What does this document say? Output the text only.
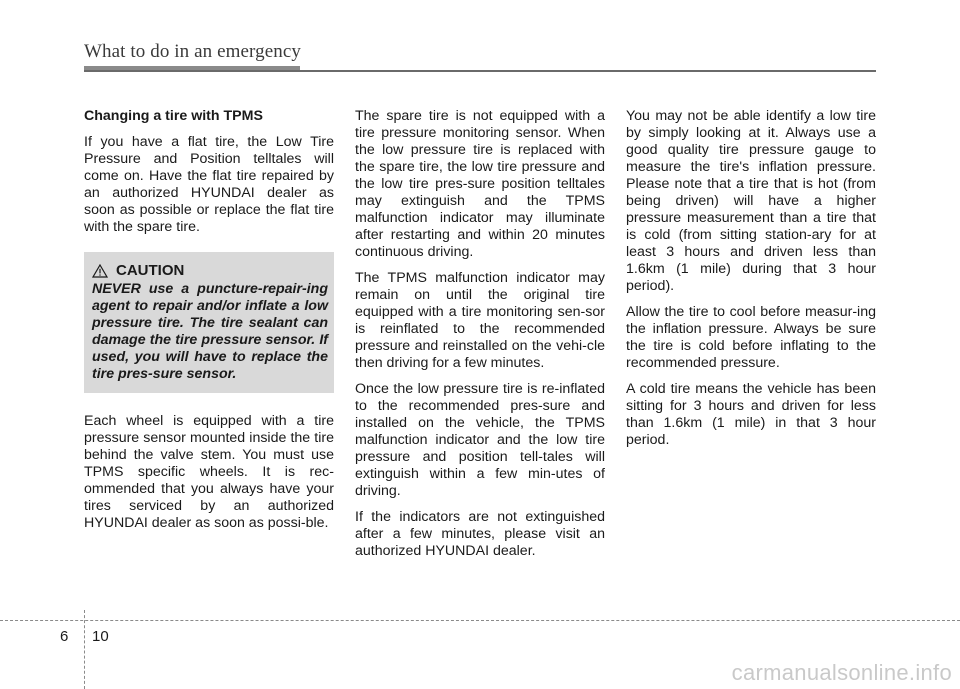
What to do in an emergency

Changing a tire with TPMS

If you have a flat tire, the Low Tire Pressure and Position telltales will come on. Have the flat tire repaired by an authorized HYUNDAI dealer as soon as possible or replace the flat tire with the spare tire.

CAUTION
NEVER use a puncture-repair-ing agent to repair and/or inflate a low pressure tire. The tire sealant can damage the tire pressure sensor. If used, you will have to replace the tire pres-sure sensor.

Each wheel is equipped with a tire pressure sensor mounted inside the tire behind the valve stem. You must use TPMS specific wheels. It is rec-ommended that you always have your tires serviced by an authorized HYUNDAI dealer as soon as possi-ble.

The spare tire is not equipped with a tire pressure monitoring sensor. When the low pressure tire is replaced with the spare tire, the low tire pressure and the low tire pres-sure position telltales may extinguish and the TPMS malfunction indicator may illuminate after restarting and within 20 minutes continuous driving.

The TPMS malfunction indicator may remain on until the original tire equipped with a tire monitoring sen-sor is reinflated to the recommended pressure and reinstalled on the vehi-cle then driving for a few minutes.

Once the low pressure tire is re-inflated to the recommended pres-sure and installed on the vehicle, the TPMS malfunction indicator and the low tire pressure and position tell-tales will extinguish within a few min-utes of driving.

If the indicators are not extinguished after a few minutes, please visit an authorized HYUNDAI dealer.

You may not be able identify a low tire by simply looking at it. Always use a good quality tire pressure gauge to measure the tire's inflation pressure. Please note that a tire that is hot (from being driven) will have a higher pressure measurement than a tire that is cold (from sitting station-ary for at least 3 hours and driven less than 1.6km (1 mile) during that 3 hour period).

Allow the tire to cool before measur-ing the inflation pressure. Always be sure the tire is cold before inflating to the recommended pressure.

A cold tire means the vehicle has been sitting for 3 hours and driven for less than 1.6km (1 mile) in that 3 hour period.

6 10
carmanualsonline.info
